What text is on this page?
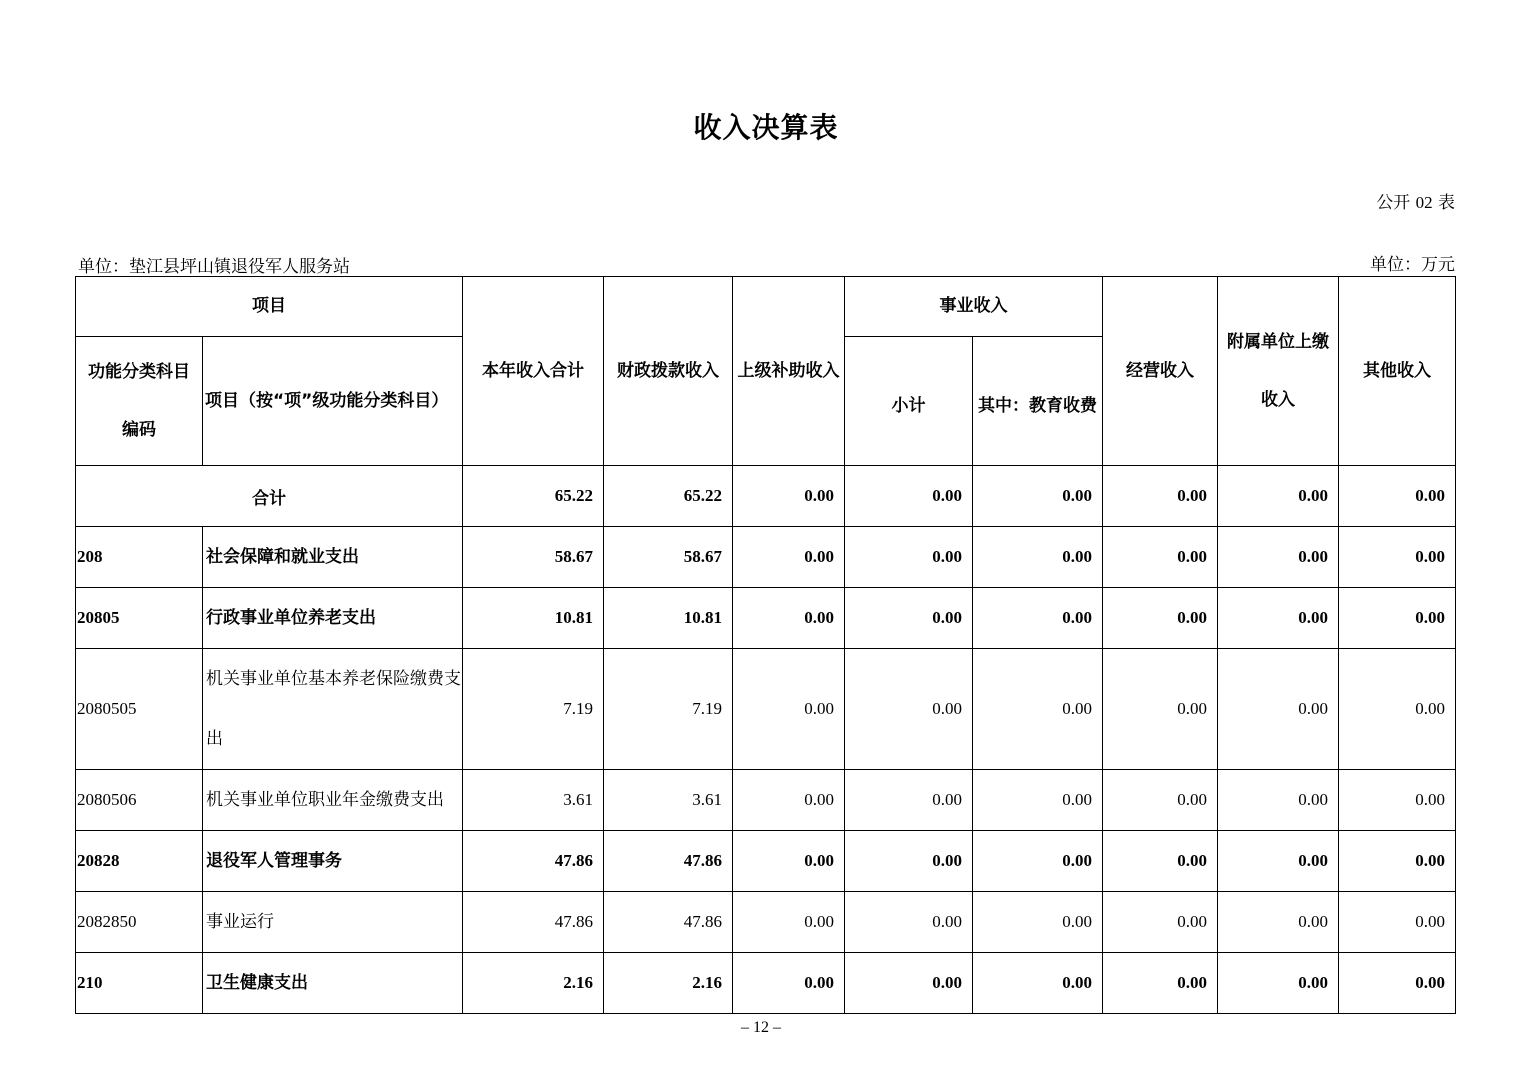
收入决算表
公开 02 表
单位：垫江县坪山镇退役军人服务站	单位：万元
项目		本年收入合计	财政拨款收入	上级补助收入	事业收入		经营收入	附属单位上缴收入	其他收入
功能分类科目编码	项目（按“项”级功能分类科目）				小计	其中：教育收费			
合计		65.22	65.22	0.00	0.00	0.00	0.00	0.00	0.00
208	社会保障和就业支出	58.67	58.67	0.00	0.00	0.00	0.00	0.00	0.00
20805	行政事业单位养老支出	10.81	10.81	0.00	0.00	0.00	0.00	0.00	0.00
2080505	机关事业单位基本养老保险缴费支出	7.19	7.19	0.00	0.00	0.00	0.00	0.00	0.00
2080506	机关事业单位职业年金缴费支出	3.61	3.61	0.00	0.00	0.00	0.00	0.00	0.00
20828	退役军人管理事务	47.86	47.86	0.00	0.00	0.00	0.00	0.00	0.00
2082850	事业运行	47.86	47.86	0.00	0.00	0.00	0.00	0.00	0.00
210	卫生健康支出	2.16	2.16	0.00	0.00	0.00	0.00	0.00	0.00
– 12 –
